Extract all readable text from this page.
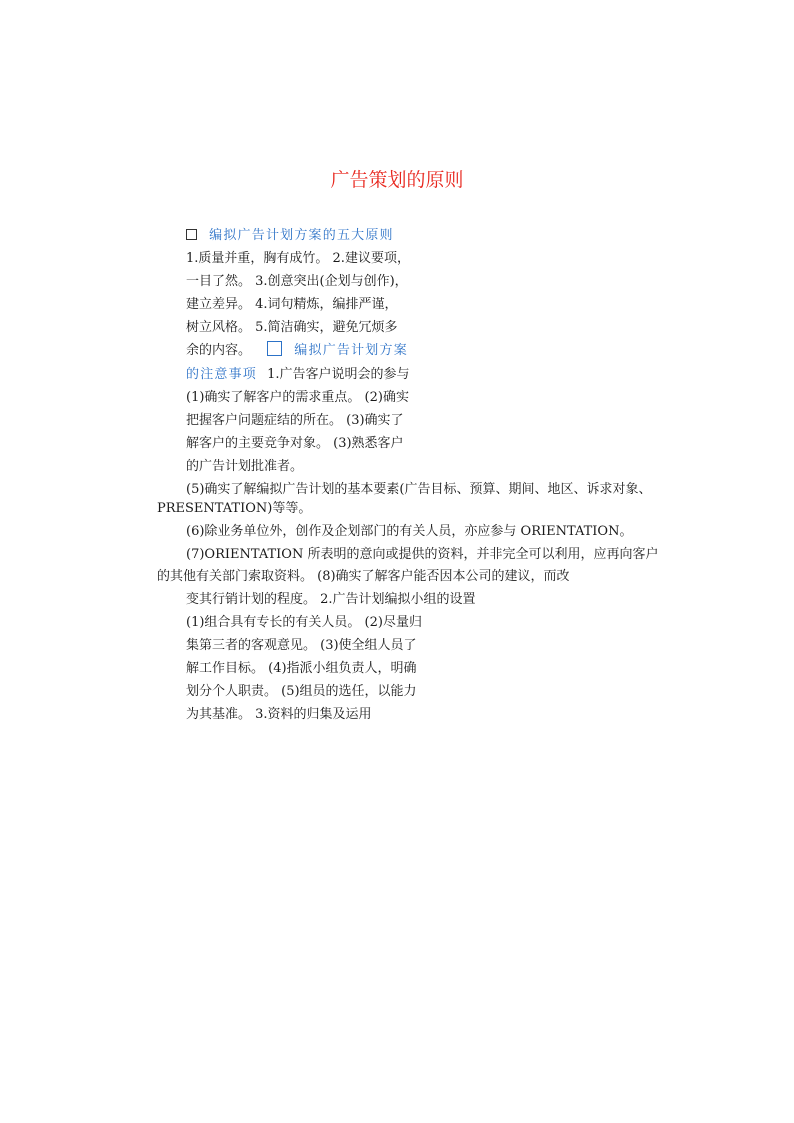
广告策划的原则
编拟广告计划方案的五大原则
1.质量并重，胸有成竹。 2.建议要项，
一目了然。 3.创意突出(企划与创作)，
建立差异。 4.词句精炼，编排严谨，
树立风格。 5.简洁确实，避免冗烦多
余的内容。	编拟广告计划方案
的注意事项 1.广告客户说明会的参与
(1)确实了解客户的需求重点。 (2)确实
把握客户问题症结的所在。 (3)确实了
解客户的主要竞争对象。 (3)熟悉客户
的广告计划批准者。
(5)确实了解编拟广告计划的基本要素(广告目标、预算、期间、地区、诉求对象、
PRESENTATION)等等。
(6)除业务单位外，创作及企划部门的有关人员，亦应参与 ORIENTATION。
(7)ORIENTATION 所表明的意向或提供的资料，并非完全可以利用，应再向客户
的其他有关部门索取资料。 (8)确实了解客户能否因本公司的建议，而改
变其行销计划的程度。 2.广告计划编拟小组的设置
(1)组合具有专长的有关人员。 (2)尽量归
集第三者的客观意见。 (3)使全组人员了
解工作目标。 (4)指派小组负责人，明确
划分个人职责。 (5)组员的选任，以能力
为其基准。 3.资料的归集及运用
